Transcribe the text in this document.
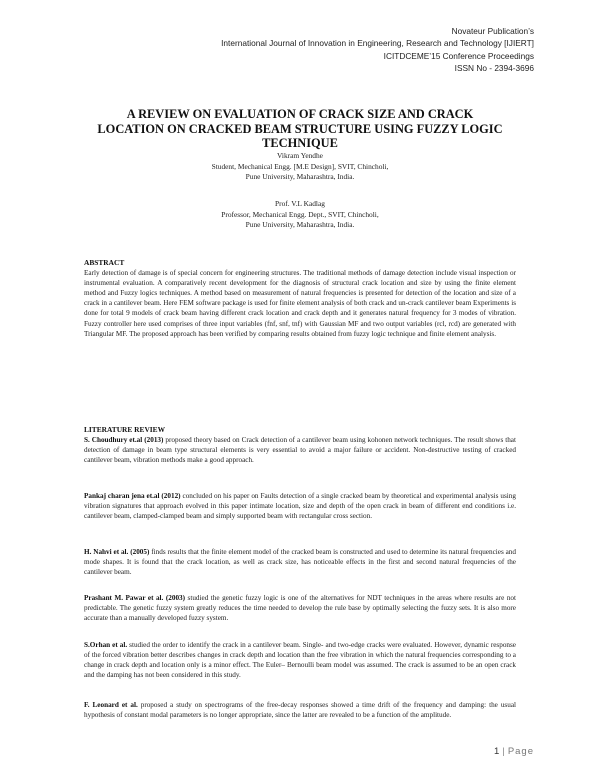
Novateur Publication’s
International Journal of Innovation in Engineering, Research and Technology [IJIERT]
ICITDCEME’15 Conference Proceedings
ISSN No - 2394-3696
A REVIEW ON EVALUATION OF CRACK SIZE AND CRACK LOCATION ON CRACKED BEAM STRUCTURE USING FUZZY LOGIC TECHNIQUE
Vikram Yendhe
Student, Mechanical Engg. [M.E Design], SVIT, Chincholi,
Pune University, Maharashtra, India.
Prof. V.L Kadlag
Professor, Mechanical Engg. Dept., SVIT, Chincholi,
Pune University, Maharashtra, India.
ABSTRACT
Early detection of damage is of special concern for engineering structures. The traditional methods of damage detection include visual inspection or instrumental evaluation. A comparatively recent development for the diagnosis of structural crack location and size by using the finite element method and Fuzzy logics techniques. A method based on measurement of natural frequencies is presented for detection of the location and size of a crack in a cantilever beam. Here FEM software package is used for finite element analysis of both crack and un-crack cantilever beam Experiments is done for total 9 models of crack beam having different crack location and crack depth and it generates natural frequency for 3 modes of vibration. Fuzzy controller here used comprises of three input variables (fnf, snf, tnf) with Gaussian MF and two output variables (rcl, rcd) are generated with Triangular MF. The proposed approach has been verified by comparing results obtained from fuzzy logic technique and finite element analysis.
LITERATURE REVIEW
S. Choudhury et.al (2013) proposed theory based on Crack detection of a cantilever beam using kohonen network techniques. The result shows that detection of damage in beam type structural elements is very essential to avoid a major failure or accident. Non-destructive testing of cracked cantilever beam, vibration methods make a good approach.
Pankaj charan jena et.al (2012) concluded on his paper on Faults detection of a single cracked beam by theoretical and experimental analysis using vibration signatures that approach evolved in this paper intimate location, size and depth of the open crack in beam of different end conditions i.e. cantilever beam, clamped-clamped beam and simply supported beam with rectangular cross section.
H. Nahvi et al. (2005) finds results that the finite element model of the cracked beam is constructed and used to determine its natural frequencies and mode shapes. It is found that the crack location, as well as crack size, has noticeable effects in the first and second natural frequencies of the cantilever beam.
Prashant M. Pawar et al. (2003) studied the genetic fuzzy logic is one of the alternatives for NDT techniques in the areas where results are not predictable. The genetic fuzzy system greatly reduces the time needed to develop the rule base by optimally selecting the fuzzy sets. It is also more accurate than a manually developed fuzzy system.
S.Orhan et al. studied the order to identify the crack in a cantilever beam. Single- and two-edge cracks were evaluated. However, dynamic response of the forced vibration better describes changes in crack depth and location than the free vibration in which the natural frequencies corresponding to a change in crack depth and location only is a minor effect. The Euler– Bernoulli beam model was assumed. The crack is assumed to be an open crack and the damping has not been considered in this study.
F. Leonard et al. proposed a study on spectrograms of the free-decay responses showed a time drift of the frequency and damping: the usual hypothesis of constant modal parameters is no longer appropriate, since the latter are revealed to be a function of the amplitude.
1 | Page
